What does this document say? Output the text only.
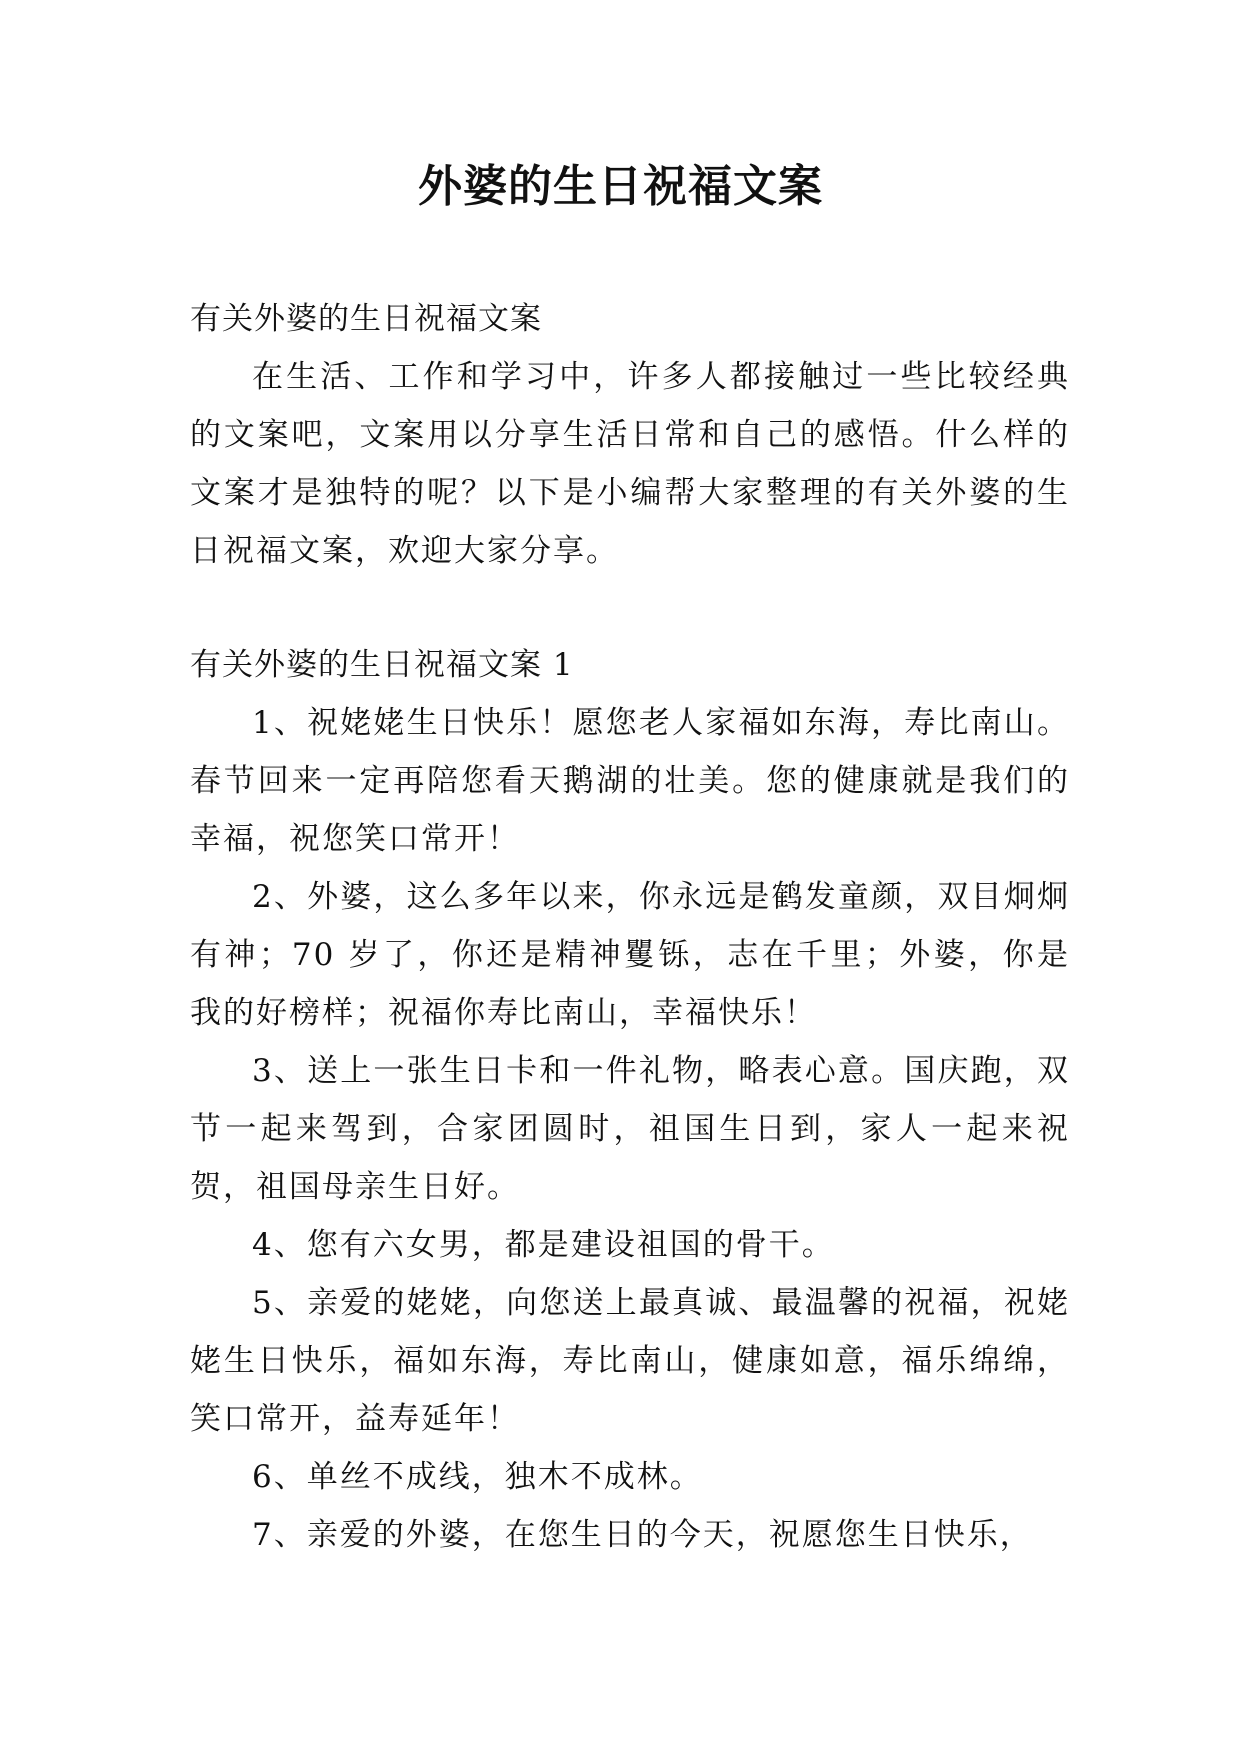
外婆的生日祝福文案

有关外婆的生日祝福文案

在生活、工作和学习中，许多人都接触过一些比较经典的文案吧，文案用以分享生活日常和自己的感悟。什么样的文案才是独特的呢？以下是小编帮大家整理的有关外婆的生日祝福文案，欢迎大家分享。

有关外婆的生日祝福文案 1

1、祝姥姥生日快乐！愿您老人家福如东海，寿比南山。春节回来一定再陪您看天鹅湖的壮美。您的健康就是我们的幸福，祝您笑口常开！

2、外婆，这么多年以来，你永远是鹤发童颜，双目炯炯有神；70 岁了，你还是精神矍铄，志在千里；外婆，你是我的好榜样；祝福你寿比南山，幸福快乐！

3、送上一张生日卡和一件礼物，略表心意。国庆跑，双节一起来驾到，合家团圆时，祖国生日到，家人一起来祝贺，祖国母亲生日好。

4、您有六女男，都是建设祖国的骨干。

5、亲爱的姥姥，向您送上最真诚、最温馨的祝福，祝姥姥生日快乐，福如东海，寿比南山，健康如意，福乐绵绵，笑口常开，益寿延年！

6、单丝不成线，独木不成林。

7、亲爱的外婆，在您生日的今天，祝愿您生日快乐，
